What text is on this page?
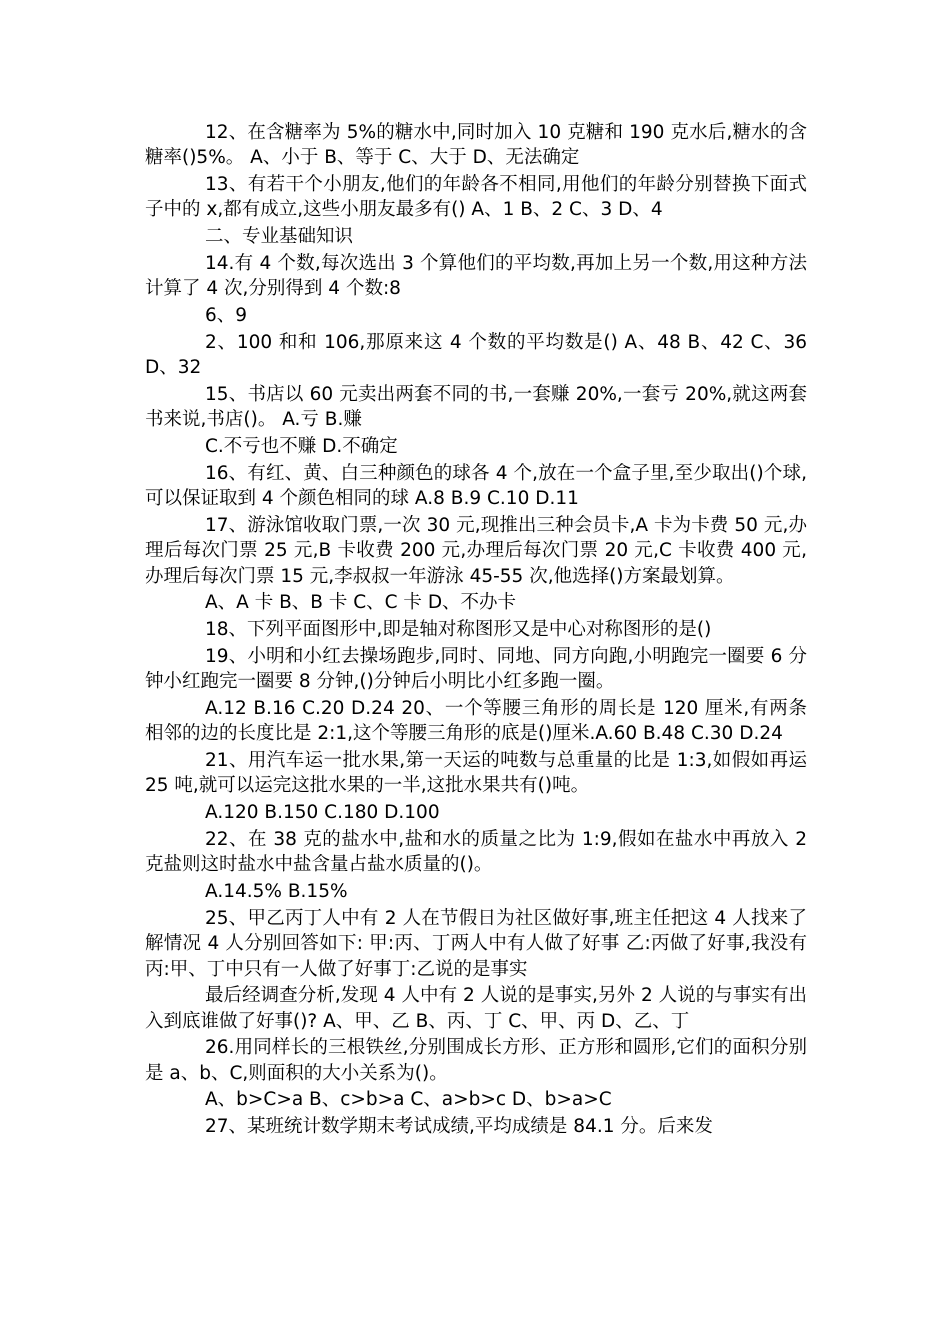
12、在含糖率为 5%的糖水中,同时加入 10 克糖和 190 克水后,糖水的含糖率()5%。 A、小于 B、等于 C、大于 D、无法确定

13、有若干个小朋友,他们的年龄各不相同,用他们的年龄分别替换下面式子中的 x,都有成立,这些小朋友最多有() A、1 B、2 C、3 D、4

二、专业基础知识

14.有 4 个数,每次选出 3 个算他们的平均数,再加上另一个数,用这种方法计算了 4 次,分别得到 4 个数:8

6、9

2、100 和和 106,那原来这 4 个数的平均数是() A、48 B、42 C、36 D、32

15、书店以 60 元卖出两套不同的书,一套赚 20%,一套亏 20%,就这两套书来说,书店()。 A.亏 B.赚

C.不亏也不赚 D.不确定

16、有红、黄、白三种颜色的球各 4 个,放在一个盒子里,至少取出()个球,可以保证取到 4 个颜色相同的球 A.8 B.9 C.10 D.11

17、游泳馆收取门票,一次 30 元,现推出三种会员卡,A 卡为卡费 50 元,办理后每次门票 25 元,B 卡收费 200 元,办理后每次门票 20 元,C 卡收费 400 元,办理后每次门票 15 元,李叔叔一年游泳 45-55 次,他选择()方案最划算。

A、A 卡 B、B 卡 C、C 卡 D、不办卡

18、下列平面图形中,即是轴对称图形又是中心对称图形的是()

19、小明和小红去操场跑步,同时、同地、同方向跑,小明跑完一圈要 6 分钟小红跑完一圈要 8 分钟,()分钟后小明比小红多跑一圈。

A.12 B.16 C.20 D.24 20、一个等腰三角形的周长是 120 厘米,有两条相邻的边的长度比是 2:1,这个等腰三角形的底是()厘米.A.60 B.48 C.30 D.24

21、用汽车运一批水果,第一天运的吨数与总重量的比是 1:3,如假如再运 25 吨,就可以运完这批水果的一半,这批水果共有()吨。

A.120 B.150 C.180 D.100

22、在 38 克的盐水中,盐和水的质量之比为 1:9,假如在盐水中再放入 2 克盐则这时盐水中盐含量占盐水质量的()。

A.14.5% B.15%

25、甲乙丙丁人中有 2 人在节假日为社区做好事,班主任把这 4 人找来了解情况 4 人分别回答如下: 甲:丙、丁两人中有人做了好事 乙:丙做了好事,我没有 丙:甲、丁中只有一人做了好事丁:乙说的是事实

最后经调查分析,发现 4 人中有 2 人说的是事实,另外 2 人说的与事实有出入到底谁做了好事()? A、甲、乙 B、丙、丁 C、甲、丙 D、乙、丁

26.用同样长的三根铁丝,分别围成长方形、正方形和圆形,它们的面积分别是 a、b、C,则面积的大小关系为()。

A、b>C>a B、c>b>a C、a>b>c D、b>a>C

27、某班统计数学期末考试成绩,平均成绩是 84.1 分。后来发
